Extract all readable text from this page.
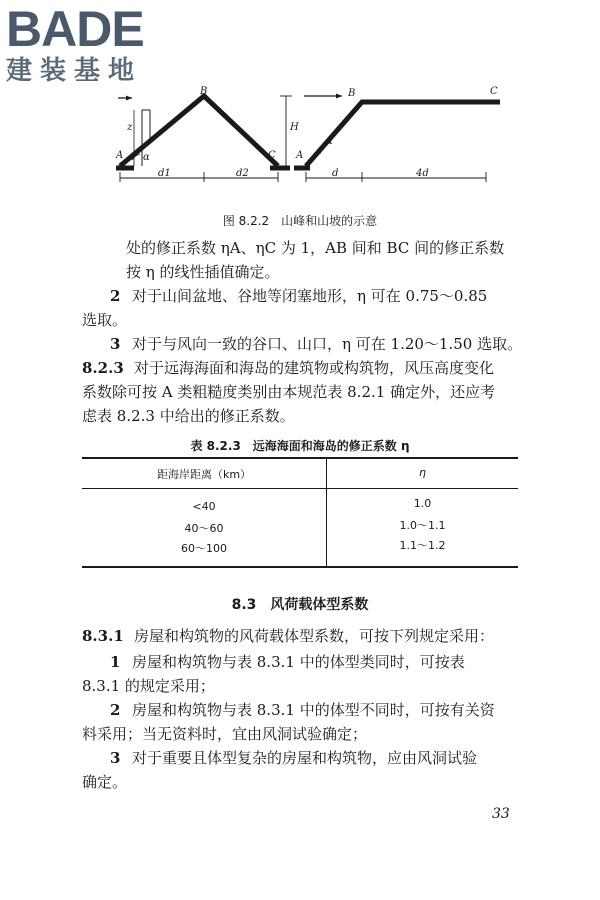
BADE
建装基地
A
B
C
z	H
α
d1	d2
A
B	C
α
d	4d
图 8.2.2　山峰和山坡的示意
处的修正系数 ηA、ηC 为 1，AB 间和 BC 间的修正系数
按 η 的线性插值确定。
2 对于山间盆地、谷地等闭塞地形，η 可在 0.75～0.85
选取。
3 对于与风向一致的谷口、山口，η 可在 1.20～1.50 选取。
8.2.3 对于远海海面和海岛的建筑物或构筑物，风压高度变化
系数除可按 A 类粗糙度类别由本规范表 8.2.1 确定外，还应考
虑表 8.2.3 中给出的修正系数。
表 8.2.3　远海海面和海岛的修正系数 η
距海岸距离（km）	η
<40	1.0
40～60	1.0～1.1
60～100	1.1～1.2
8.3　风荷载体型系数
8.3.1 房屋和构筑物的风荷载体型系数，可按下列规定采用：
1 房屋和构筑物与表 8.3.1 中的体型类同时，可按表
8.3.1 的规定采用；
2 房屋和构筑物与表 8.3.1 中的体型不同时，可按有关资
料采用；当无资料时，宜由风洞试验确定；
3 对于重要且体型复杂的房屋和构筑物，应由风洞试验
确定。
33
